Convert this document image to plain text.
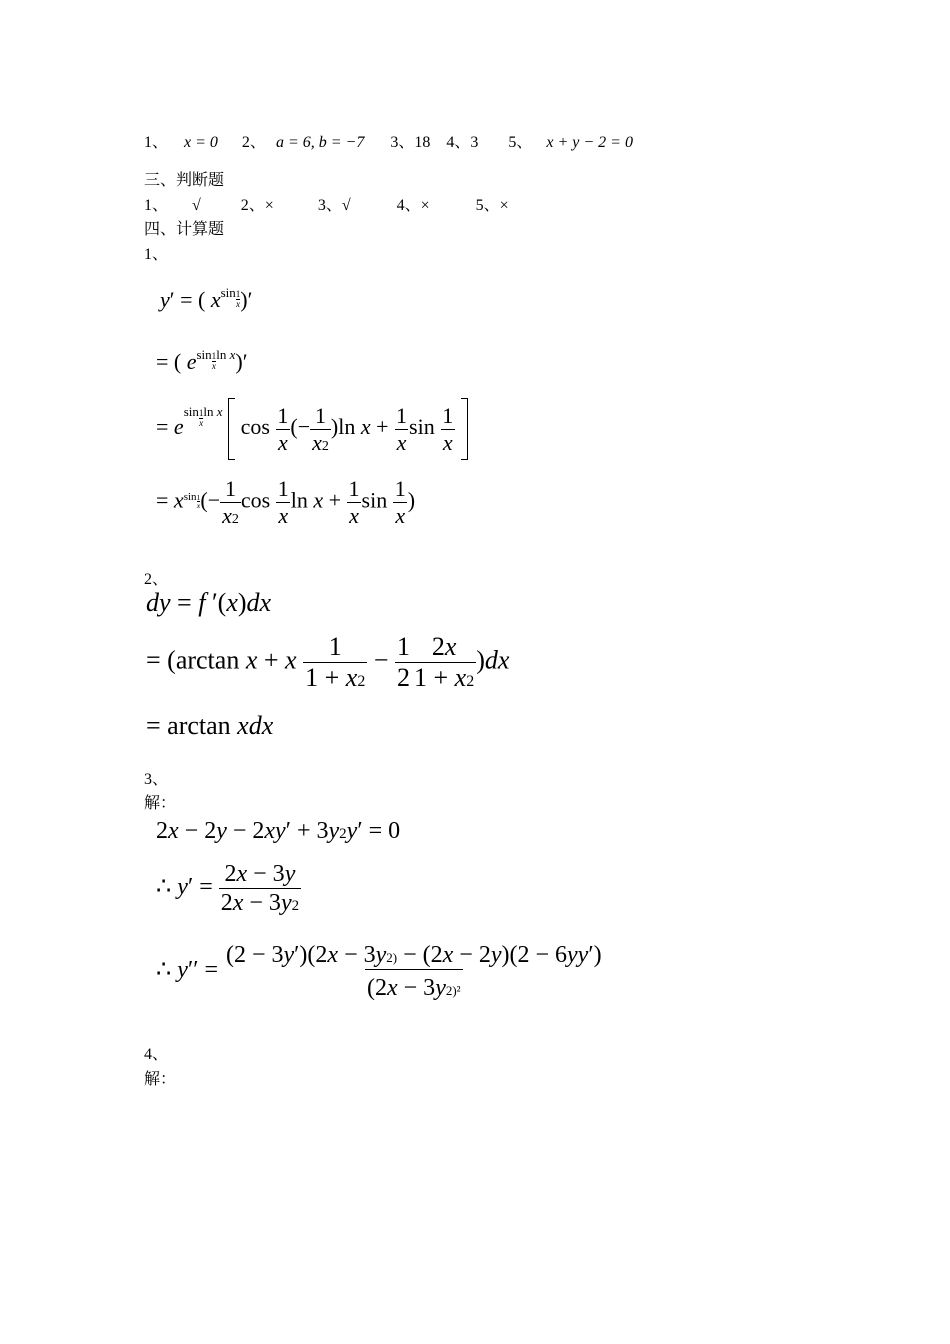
1、 x = 0 2、 a = 6, b = −7 3、18 4、3 5、 x + y − 2 = 0
三、判断题
1、 √	2、×	3、√	4、×	5、×
四、计算题
1、
y′ = ( xsin $\frac{1}{x}$ )′
= ( esin $\frac{1}{x}$ ln x)′
= esin $\frac{1}{x}$ ln x  $\cos \frac{1}{x}$ (− $\frac{1}{x2} )\ln$ $x + \frac{1}{x}$ $\sin \frac{1}{x}$

= xsin $\frac{1}{x}$ (− $\frac{1}{x2}$ $\cos \frac{1}{x}$ $\ln x + \frac{1}{x}$ $\sin \frac{1}{x}$ )
2、
dy = f ′(x)dx
= (arctan x + x $\frac{1}{1 + x2} - \frac{1}{2} \frac{2x}{1 + x2} )dx$
= arctan xdx
3、
解：
2x − 2y − 2xy′ + 3y2y′ = 0
∴ $y' = \frac{2x - 3y}{2x - 3y2}$
∴ $y'' = \frac{(2 - 3y')(2x - 3y2) - (2x - 2y)(2 - 6yy')}{\text{(2x − 3y2)²}}$
4、
解：
